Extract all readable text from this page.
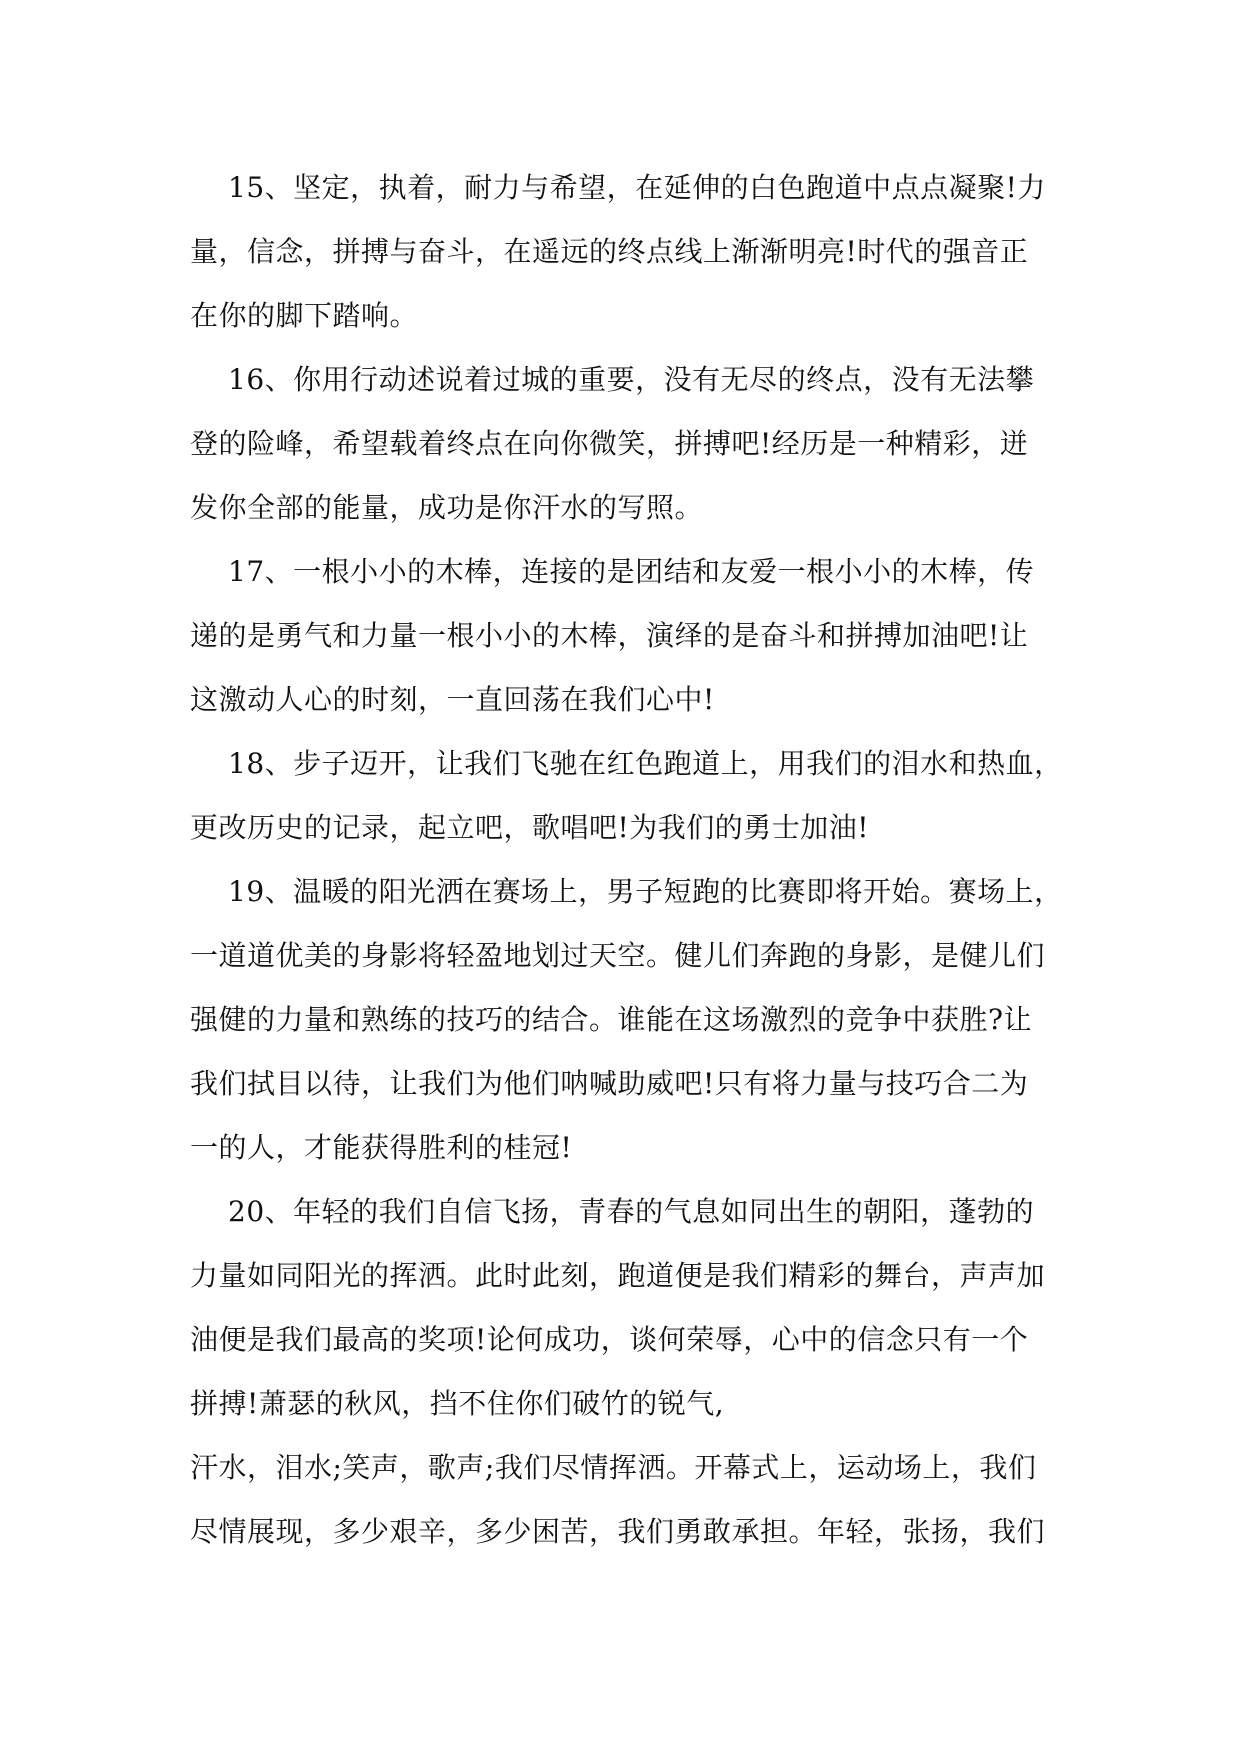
15、坚定，执着，耐力与希望，在延伸的白色跑道中点点凝聚!力
量，信念，拼搏与奋斗，在遥远的终点线上渐渐明亮!时代的强音正
在你的脚下踏响。
16、你用行动述说着过城的重要，没有无尽的终点，没有无法攀
登的险峰，希望载着终点在向你微笑，拼搏吧!经历是一种精彩，迸
发你全部的能量，成功是你汗水的写照。
17、一根小小的木棒，连接的是团结和友爱一根小小的木棒，传
递的是勇气和力量一根小小的木棒，演绎的是奋斗和拼搏加油吧!让
这激动人心的时刻，一直回荡在我们心中!
18、步子迈开，让我们飞驰在红色跑道上，用我们的泪水和热血，
更改历史的记录，起立吧，歌唱吧!为我们的勇士加油!
19、温暖的阳光洒在赛场上，男子短跑的比赛即将开始。赛场上，
一道道优美的身影将轻盈地划过天空。健儿们奔跑的身影，是健儿们
强健的力量和熟练的技巧的结合。谁能在这场激烈的竞争中获胜?让
我们拭目以待，让我们为他们呐喊助威吧!只有将力量与技巧合二为
一的人，才能获得胜利的桂冠!
20、年轻的我们自信飞扬，青春的气息如同出生的朝阳，蓬勃的
力量如同阳光的挥洒。此时此刻，跑道便是我们精彩的舞台，声声加
油便是我们最高的奖项!论何成功，谈何荣辱，心中的信念只有一个
拼搏!萧瑟的秋风，挡不住你们破竹的锐气,
汗水，泪水;笑声，歌声;我们尽情挥洒。开幕式上，运动场上，我们
尽情展现，多少艰辛，多少困苦，我们勇敢承担。年轻，张扬，我们
